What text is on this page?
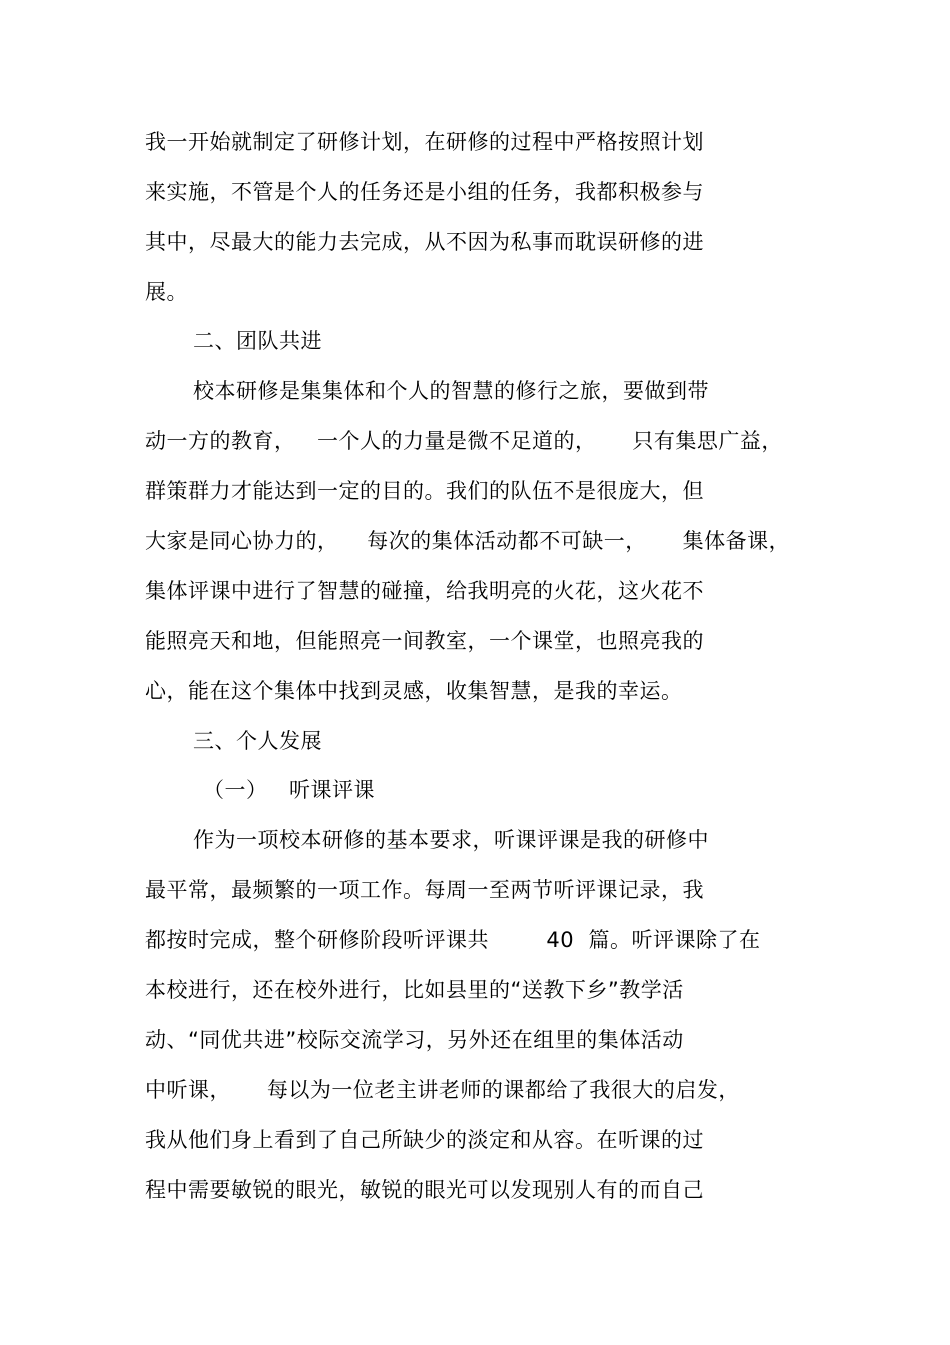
我一开始就制定了研修计划，在研修的过程中严格按照计划
来实施，不管是个人的任务还是小组的任务，我都积极参与
其中，尽最大的能力去完成，从不因为私事而耽误研修的进
展。
二、团队共进
校本研修是集集体和个人的智慧的修行之旅，要做到带
动一方的教育，   一个人的力量是微不足道的，     只有集思广益，
群策群力才能达到一定的目的。我们的队伍不是很庞大，但
大家是同心协力的，    每次的集体活动都不可缺一，     集体备课，
集体评课中进行了智慧的碰撞，给我明亮的火花，这火花不
能照亮天和地，但能照亮一间教室，一个课堂，也照亮我的
心，能在这个集体中找到灵感，收集智慧，是我的幸运。
三、个人发展
（一）   听课评课
作为一项校本研修的基本要求，听课评课是我的研修中
最平常，最频繁的一项工作。每周一至两节听评课记录，我
都按时完成，整个研修阶段听评课共        40  篇。听评课除了在
本校进行，还在校外进行，比如县里的“送教下乡”教学活
动、“同优共进”校际交流学习，另外还在组里的集体活动
中听课，     每以为一位老主讲老师的课都给了我很大的启发，
我从他们身上看到了自己所缺少的淡定和从容。在听课的过
程中需要敏锐的眼光，敏锐的眼光可以发现别人有的而自己
